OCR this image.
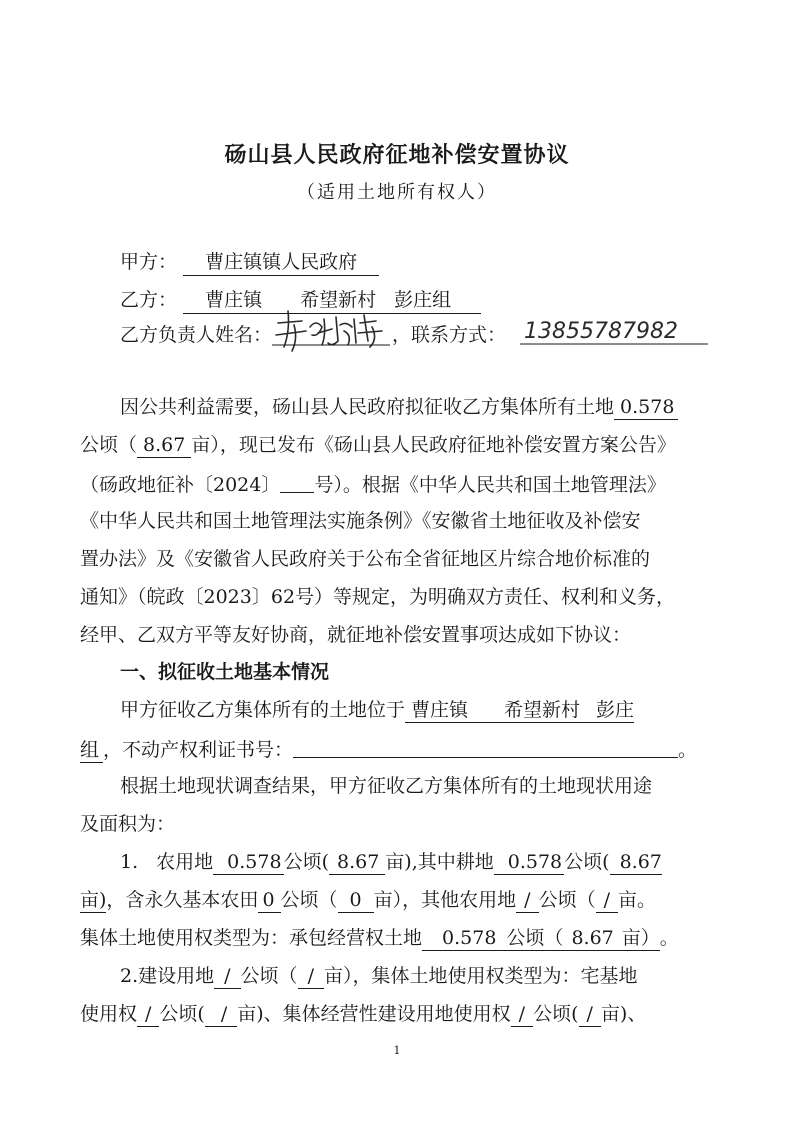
砀山县人民政府征地补偿安置协议
（适用土地所有权人）
甲方： 曹庄镇镇人民政府
乙方： 曹庄镇 希望新村 彭庄组
乙方负责人姓名：	，联系方式： 13855787982
因公共利益需要，砀山县人民政府拟征收乙方集体所有土地 0.578
公顷（ 8.67 亩），现已发布《砀山县人民政府征地补偿安置方案公告》
（砀政地征补〔2024〕 号）。根据《中华人民共和国土地管理法》
《中华人民共和国土地管理法实施条例》《安徽省土地征收及补偿安
置办法》及《安徽省人民政府关于公布全省征地区片综合地价标准的
通知》（皖政〔2023〕62号）等规定，为明确双方责任、权利和义务，
经甲、乙双方平等友好协商，就征地补偿安置事项达成如下协议：
一、拟征收土地基本情况
甲方征收乙方集体所有的土地位于 曹庄镇 希望新村 彭庄
组 ，不动产权利证书号：	。
根据土地现状调查结果，甲方征收乙方集体所有的土地现状用途
及面积为：
1. 农用地 0.578 公顷( 8.67 亩),其中耕地 0.578 公顷( 8.67
亩)，含永久基本农田 0 公顷（ 0 亩），其他农用地 / 公顷（ / 亩。
集体土地使用权类型为：承包经营权土地 0.578 公顷（ 8.67 亩）。
2.建设用地 / 公顷（ / 亩），集体土地使用权类型为：宅基地
使用权 / 公顷( / 亩)、集体经营性建设用地使用权 / 公顷( / 亩)、
1
